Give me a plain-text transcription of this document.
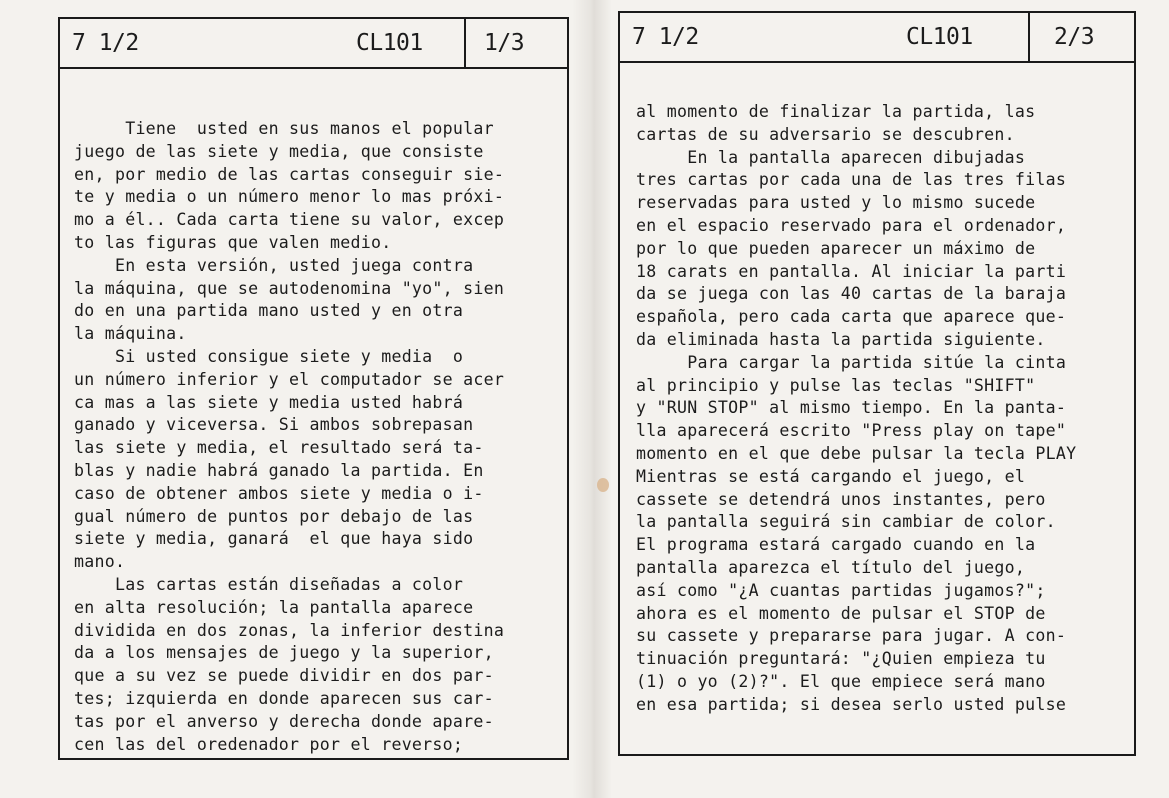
7 1/2	CL101	1/3
Tiene  usted en sus manos el popular
juego de las siete y media, que consiste
en, por medio de las cartas conseguir sie-
te y media o un número menor lo mas próxi-
mo a él.. Cada carta tiene su valor, excep
to las figuras que valen medio.
En esta versión, usted juega contra
la máquina, que se autodenomina "yo", sien
do en una partida mano usted y en otra
la máquina.
Si usted consigue siete y media  o
un número inferior y el computador se acer
ca mas a las siete y media usted habrá
ganado y viceversa. Si ambos sobrepasan
las siete y media, el resultado será ta-
blas y nadie habrá ganado la partida. En
caso de obtener ambos siete y media o i-
gual número de puntos por debajo de las
siete y media, ganará  el que haya sido
mano.
Las cartas están diseñadas a color
en alta resolución; la pantalla aparece
dividida en dos zonas, la inferior destina
da a los mensajes de juego y la superior,
que a su vez se puede dividir en dos par-
tes; izquierda en donde aparecen sus car-
tas por el anverso y derecha donde apare-
cen las del oredenador por el reverso;
7 1/2	CL101	2/3
al momento de finalizar la partida, las
cartas de su adversario se descubren.
En la pantalla aparecen dibujadas
tres cartas por cada una de las tres filas
reservadas para usted y lo mismo sucede
en el espacio reservado para el ordenador,
por lo que pueden aparecer un máximo de
18 carats en pantalla. Al iniciar la parti
da se juega con las 40 cartas de la baraja
española, pero cada carta que aparece que-
da eliminada hasta la partida siguiente.
Para cargar la partida sitúe la cinta
al principio y pulse las teclas "SHIFT"
y "RUN STOP" al mismo tiempo. En la panta-
lla aparecerá escrito "Press play on tape"
momento en el que debe pulsar la tecla PLAY
Mientras se está cargando el juego, el
cassete se detendrá unos instantes, pero
la pantalla seguirá sin cambiar de color.
El programa estará cargado cuando en la
pantalla aparezca el título del juego,
así como "¿A cuantas partidas jugamos?";
ahora es el momento de pulsar el STOP de
su cassete y prepararse para jugar. A con-
tinuación preguntará: "¿Quien empieza tu
(1) o yo (2)?". El que empiece será mano
en esa partida; si desea serlo usted pulse
